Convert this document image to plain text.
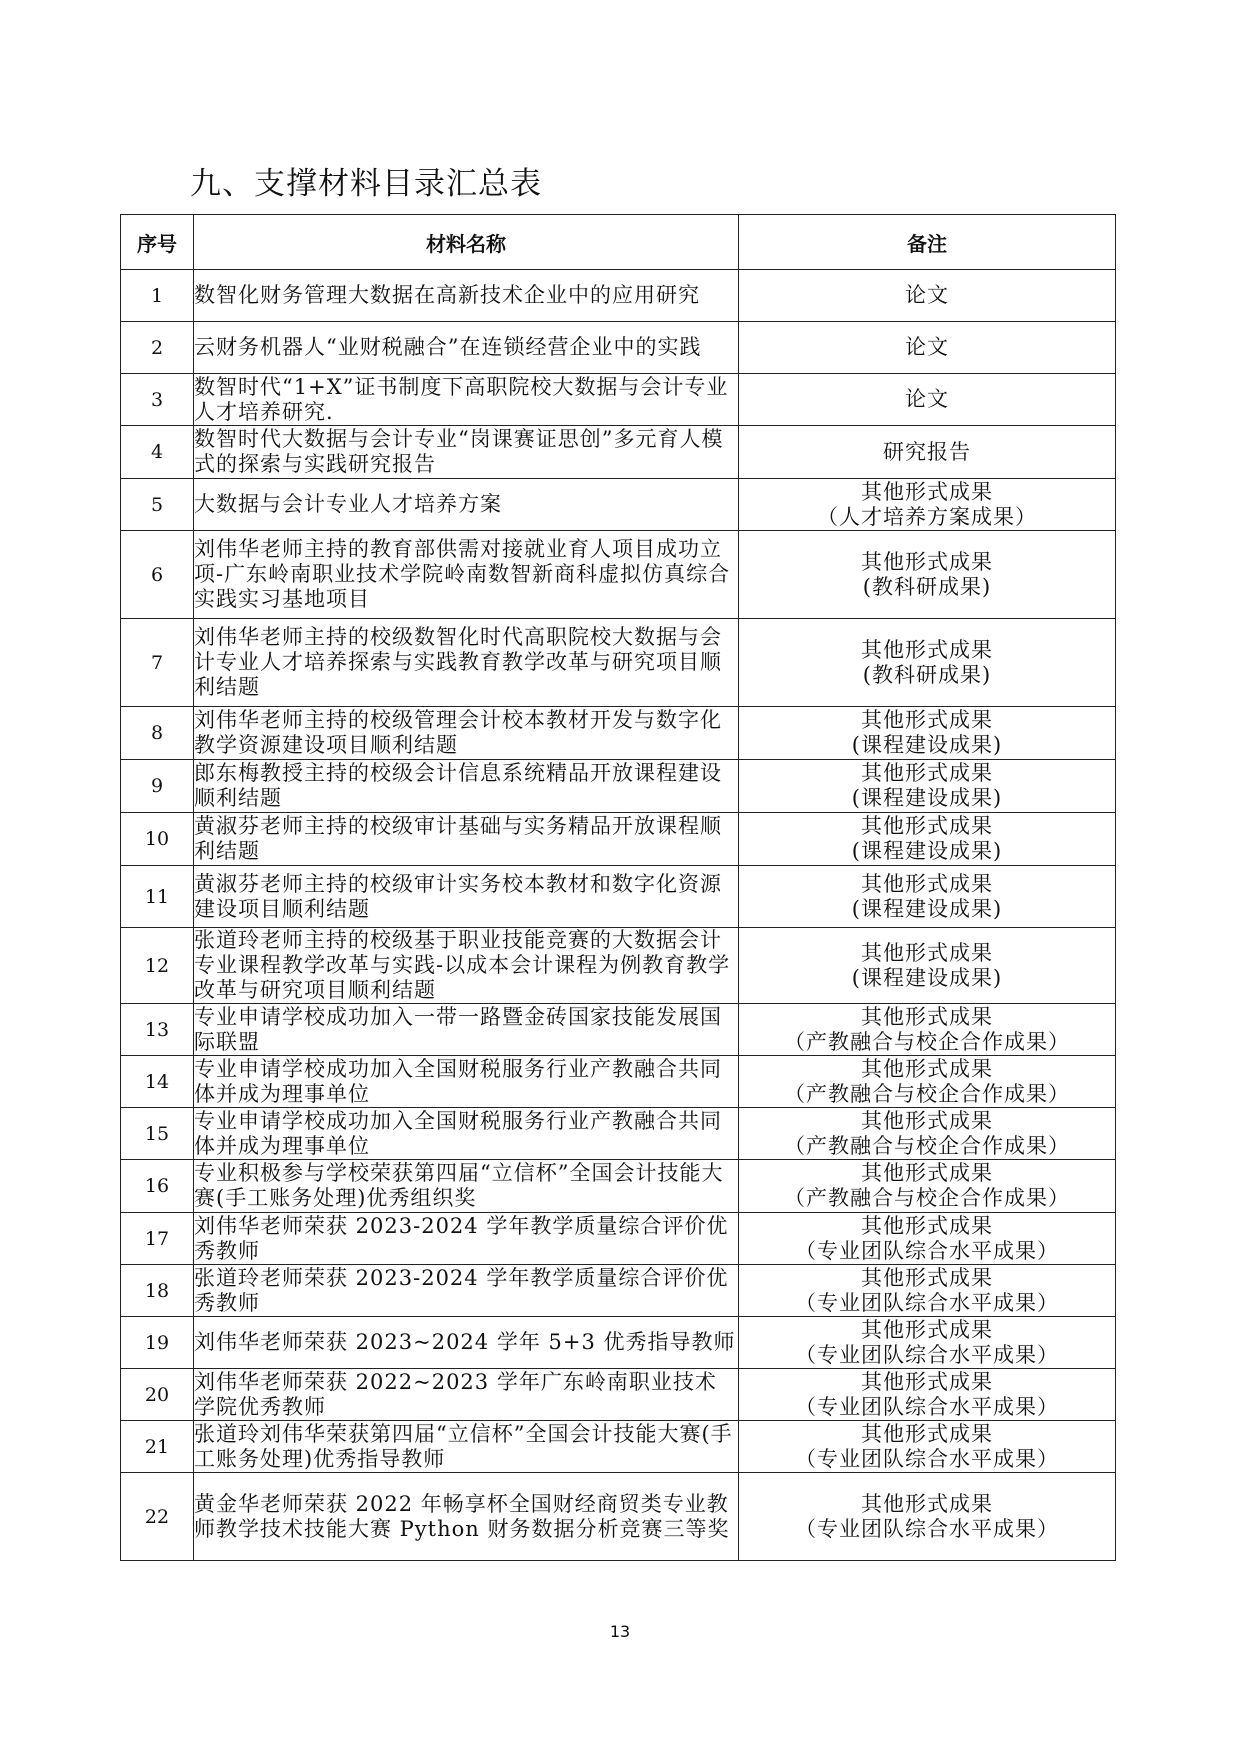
九、支撑材料目录汇总表
序号	材料名称	备注
1	数智化财务管理大数据在高新技术企业中的应用研究	论文
2	云财务机器人“业财税融合”在连锁经营企业中的实践	论文
3	数智时代“1+X”证书制度下高职院校大数据与会计专业人才培养研究.	论文
4	数智时代大数据与会计专业“岗课赛证思创”多元育人模式的探索与实践研究报告	研究报告
5	大数据与会计专业人才培养方案	其他形式成果
（人才培养方案成果）
6	刘伟华老师主持的教育部供需对接就业育人项目成功立项-广东岭南职业技术学院岭南数智新商科虚拟仿真综合实践实习基地项目	其他形式成果
(教科研成果)
7	刘伟华老师主持的校级数智化时代高职院校大数据与会计专业人才培养探索与实践教育教学改革与研究项目顺利结题	其他形式成果
(教科研成果)
8	刘伟华老师主持的校级管理会计校本教材开发与数字化教学资源建设项目顺利结题	其他形式成果
(课程建设成果)
9	郎东梅教授主持的校级会计信息系统精品开放课程建设顺利结题	其他形式成果
(课程建设成果)
10	黄淑芬老师主持的校级审计基础与实务精品开放课程顺利结题	其他形式成果
(课程建设成果)
11	黄淑芬老师主持的校级审计实务校本教材和数字化资源建设项目顺利结题	其他形式成果
(课程建设成果)
12	张道玲老师主持的校级基于职业技能竞赛的大数据会计专业课程教学改革与实践-以成本会计课程为例教育教学改革与研究项目顺利结题	其他形式成果
(课程建设成果)
13	专业申请学校成功加入一带一路暨金砖国家技能发展国际联盟	其他形式成果
（产教融合与校企合作成果）
14	专业申请学校成功加入全国财税服务行业产教融合共同体并成为理事单位	其他形式成果
（产教融合与校企合作成果）
15	专业申请学校成功加入全国财税服务行业产教融合共同体并成为理事单位	其他形式成果
（产教融合与校企合作成果）
16	专业积极参与学校荣获第四届“立信杯”全国会计技能大赛(手工账务处理)优秀组织奖	其他形式成果
（产教融合与校企合作成果）
17	刘伟华老师荣获 2023-2024 学年教学质量综合评价优秀教师	其他形式成果
（专业团队综合水平成果）
18	张道玲老师荣获 2023-2024 学年教学质量综合评价优秀教师	其他形式成果
（专业团队综合水平成果）
19	刘伟华老师荣获 2023~2024 学年 5+3 优秀指导教师	其他形式成果
（专业团队综合水平成果）
20	刘伟华老师荣获 2022~2023 学年广东岭南职业技术学院优秀教师	其他形式成果
（专业团队综合水平成果）
21	张道玲刘伟华荣获第四届“立信杯”全国会计技能大赛(手工账务处理)优秀指导教师	其他形式成果
（专业团队综合水平成果）
22	黄金华老师荣获 2022 年畅享杯全国财经商贸类专业教师教学技术技能大赛 Python 财务数据分析竞赛三等奖	其他形式成果
（专业团队综合水平成果）
13
